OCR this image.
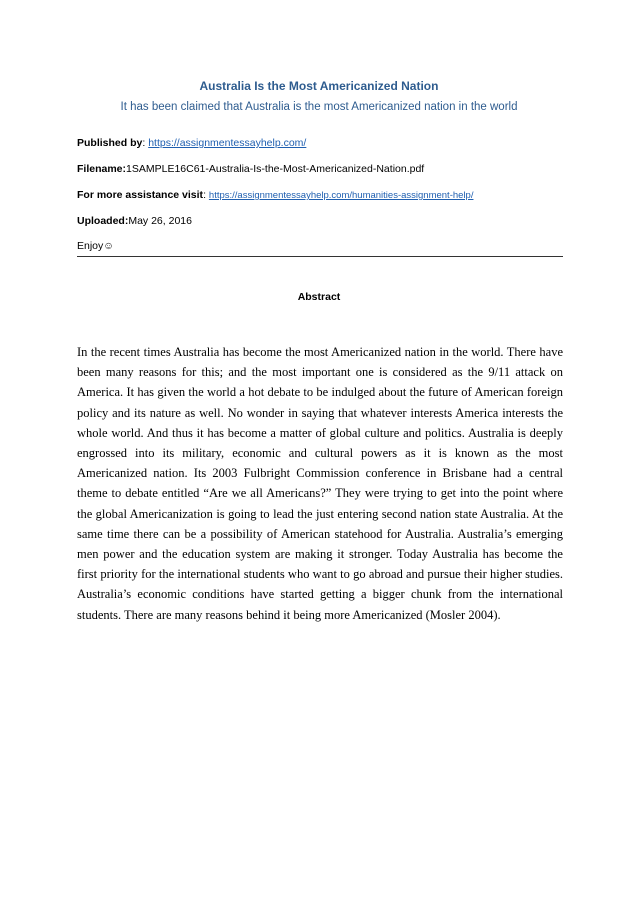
Australia Is the Most Americanized Nation
It has been claimed that Australia is the most Americanized nation in the world
Published by: https://assignmentessayhelp.com/
Filename:1SAMPLE16C61-Australia-Is-the-Most-Americanized-Nation.pdf
For more assistance visit: https://assignmentessayhelp.com/humanities-assignment-help/
Uploaded:May 26, 2016
Enjoy☺
Abstract

In the recent times Australia has become the most Americanized nation in the world. There have been many reasons for this; and the most important one is considered as the 9/11 attack on America. It has given the world a hot debate to be indulged about the future of American foreign policy and its nature as well. No wonder in saying that whatever interests America interests the whole world. And thus it has become a matter of global culture and politics. Australia is deeply engrossed into its military, economic and cultural powers as it is known as the most Americanized nation. Its 2003 Fulbright Commission conference in Brisbane had a central theme to debate entitled “Are we all Americans?” They were trying to get into the point where the global Americanization is going to lead the just entering second nation state Australia. At the same time there can be a possibility of American statehood for Australia. Australia’s emerging men power and the education system are making it stronger. Today Australia has become the first priority for the international students who want to go abroad and pursue their higher studies. Australia’s economic conditions have started getting a bigger chunk from the international students. There are many reasons behind it being more Americanized (Mosler 2004).
